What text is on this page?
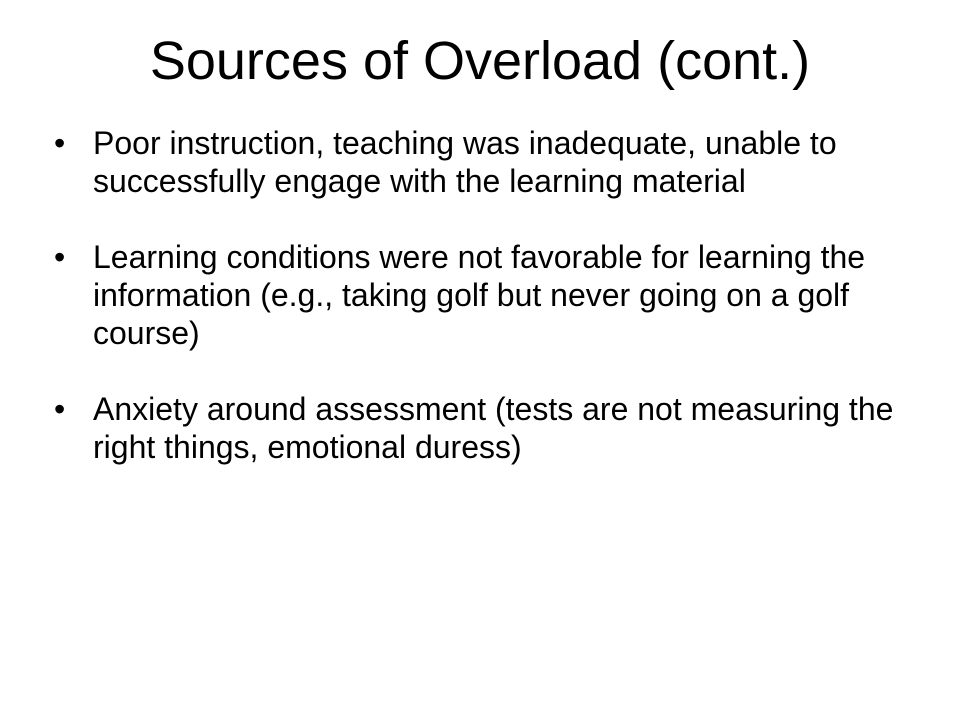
Sources of Overload (cont.)
• Poor instruction, teaching was inadequate, unable to successfully engage with the learning material
• Learning conditions were not favorable for learning the information (e.g., taking golf but never going on a golf course)
• Anxiety around assessment (tests are not measuring the right things, emotional duress)
